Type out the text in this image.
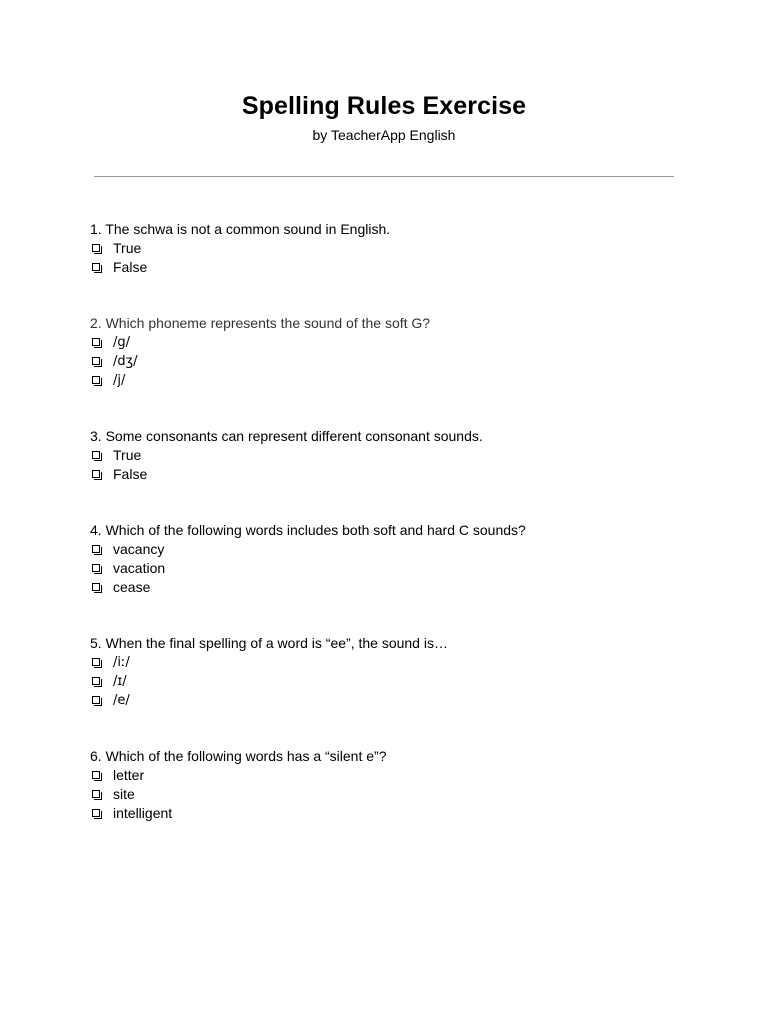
Spelling Rules Exercise
by TeacherApp English
1. The schwa is not a common sound in English.
True
False
2. Which phoneme represents the sound of the soft G?
/g/
/dʒ/
/j/
3. Some consonants can represent different consonant sounds.
True
False
4. Which of the following words includes both soft and hard C sounds?
vacancy
vacation
cease
5. When the final spelling of a word is “ee”, the sound is…
/iː/
/ɪ/
/e/
6. Which of the following words has a “silent e”?
letter
site
intelligent
